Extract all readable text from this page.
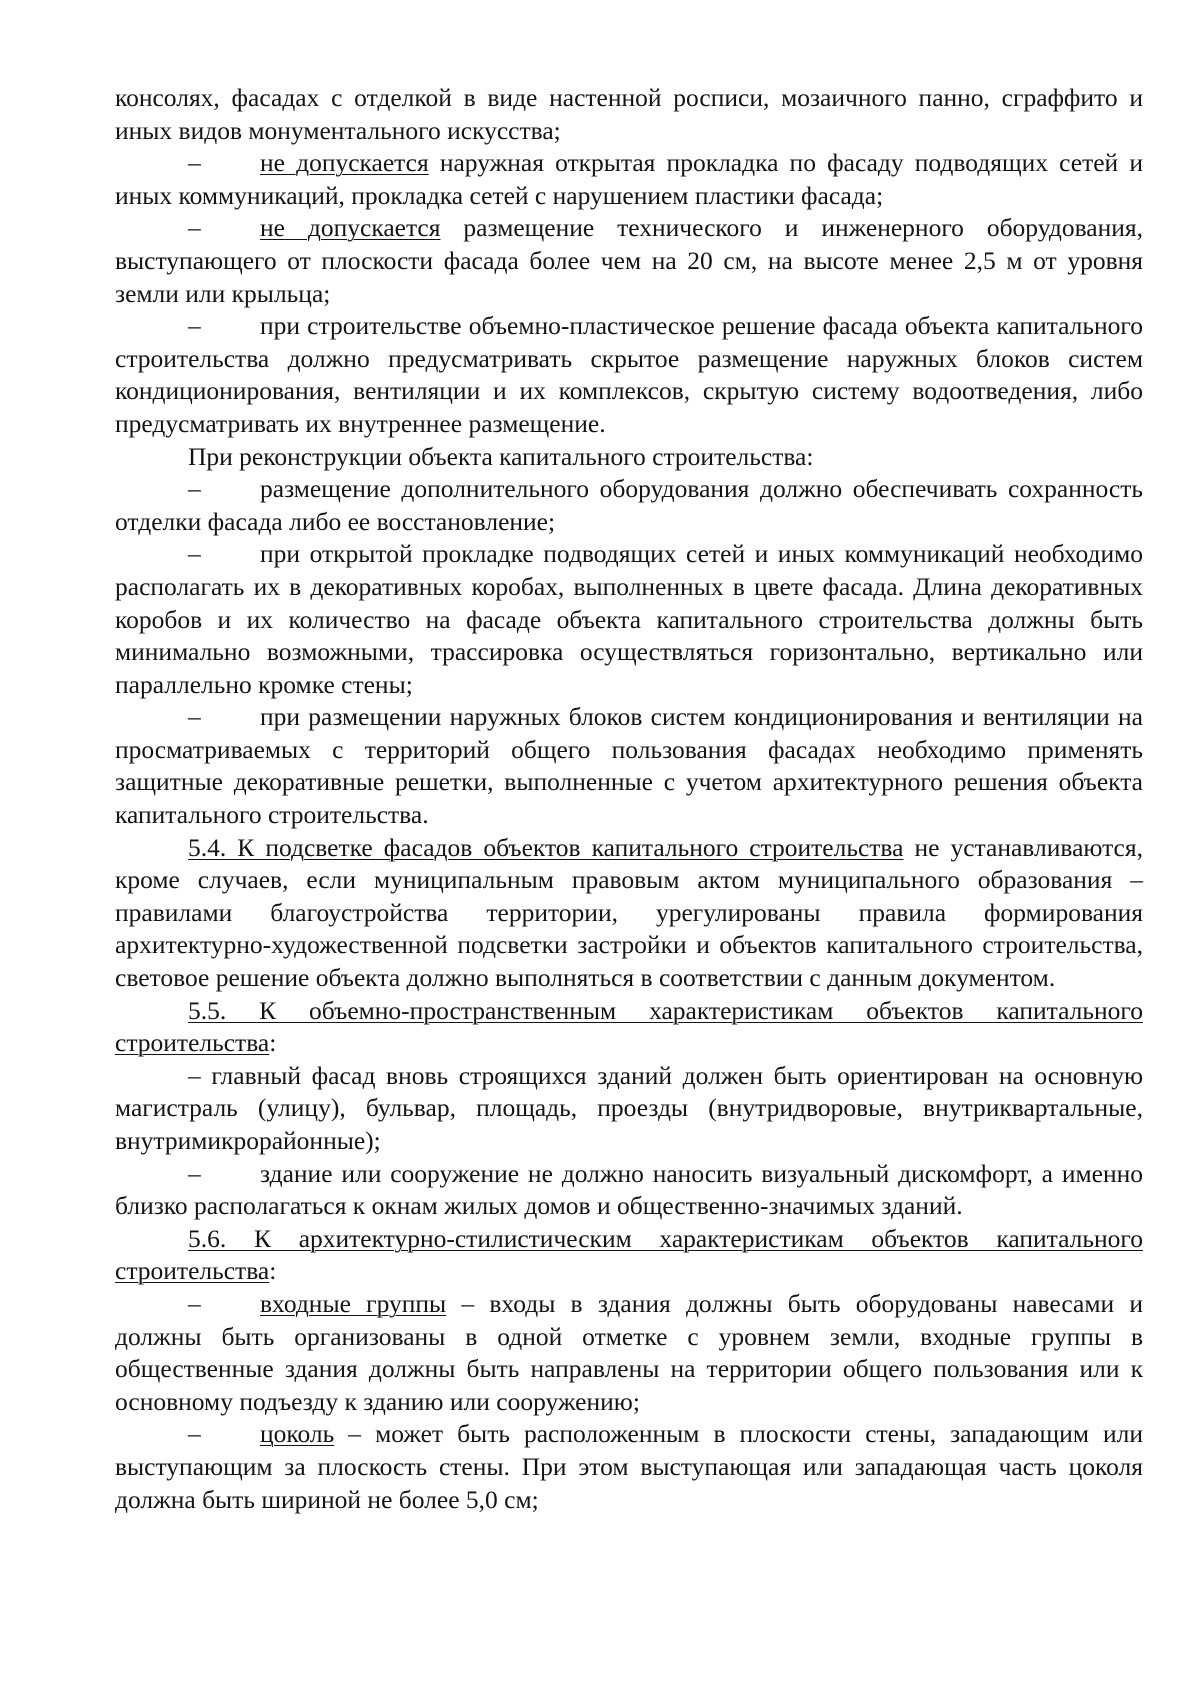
консолях, фасадах с отделкой в виде настенной росписи, мозаичного панно, сграффито и иных видов монументального искусства;

– не допускается наружная открытая прокладка по фасаду подводящих сетей и иных коммуникаций, прокладка сетей с нарушением пластики фасада;

– не допускается размещение технического и инженерного оборудования, выступающего от плоскости фасада более чем на 20 см, на высоте менее 2,5 м от уровня земли или крыльца;

– при строительстве объемно-пластическое решение фасада объекта капитального строительства должно предусматривать скрытое размещение наружных блоков систем кондиционирования, вентиляции и их комплексов, скрытую систему водоотведения, либо предусматривать их внутреннее размещение.

При реконструкции объекта капитального строительства:

– размещение дополнительного оборудования должно обеспечивать сохранность отделки фасада либо ее восстановление;

– при открытой прокладке подводящих сетей и иных коммуникаций необходимо располагать их в декоративных коробах, выполненных в цвете фасада. Длина декоративных коробов и их количество на фасаде объекта капитального строительства должны быть минимально возможными, трассировка осуществляться горизонтально, вертикально или параллельно кромке стены;

– при размещении наружных блоков систем кондиционирования и вентиляции на просматриваемых с территорий общего пользования фасадах необходимо применять защитные декоративные решетки, выполненные с учетом архитектурного решения объекта капитального строительства.

5.4. К подсветке фасадов объектов капитального строительства не устанавливаются, кроме случаев, если муниципальным правовым актом муниципального образования – правилами благоустройства территории, урегулированы правила формирования архитектурно-художественной подсветки застройки и объектов капитального строительства, световое решение объекта должно выполняться в соответствии с данным документом.

5.5. К объемно-пространственным характеристикам объектов капитального строительства:

– главный фасад вновь строящихся зданий должен быть ориентирован на основную магистраль (улицу), бульвар, площадь, проезды (внутридворовые, внутриквартальные, внутримикрорайонные);

– здание или сооружение не должно наносить визуальный дискомфорт, а именно близко располагаться к окнам жилых домов и общественно-значимых зданий.

5.6. К архитектурно-стилистическим характеристикам объектов капитального строительства:

– входные группы – входы в здания должны быть оборудованы навесами и должны быть организованы в одной отметке с уровнем земли, входные группы в общественные здания должны быть направлены на территории общего пользования или к основному подъезду к зданию или сооружению;

– цоколь – может быть расположенным в плоскости стены, западающим или выступающим за плоскость стены. При этом выступающая или западающая часть цоколя должна быть шириной не более 5,0 см;
